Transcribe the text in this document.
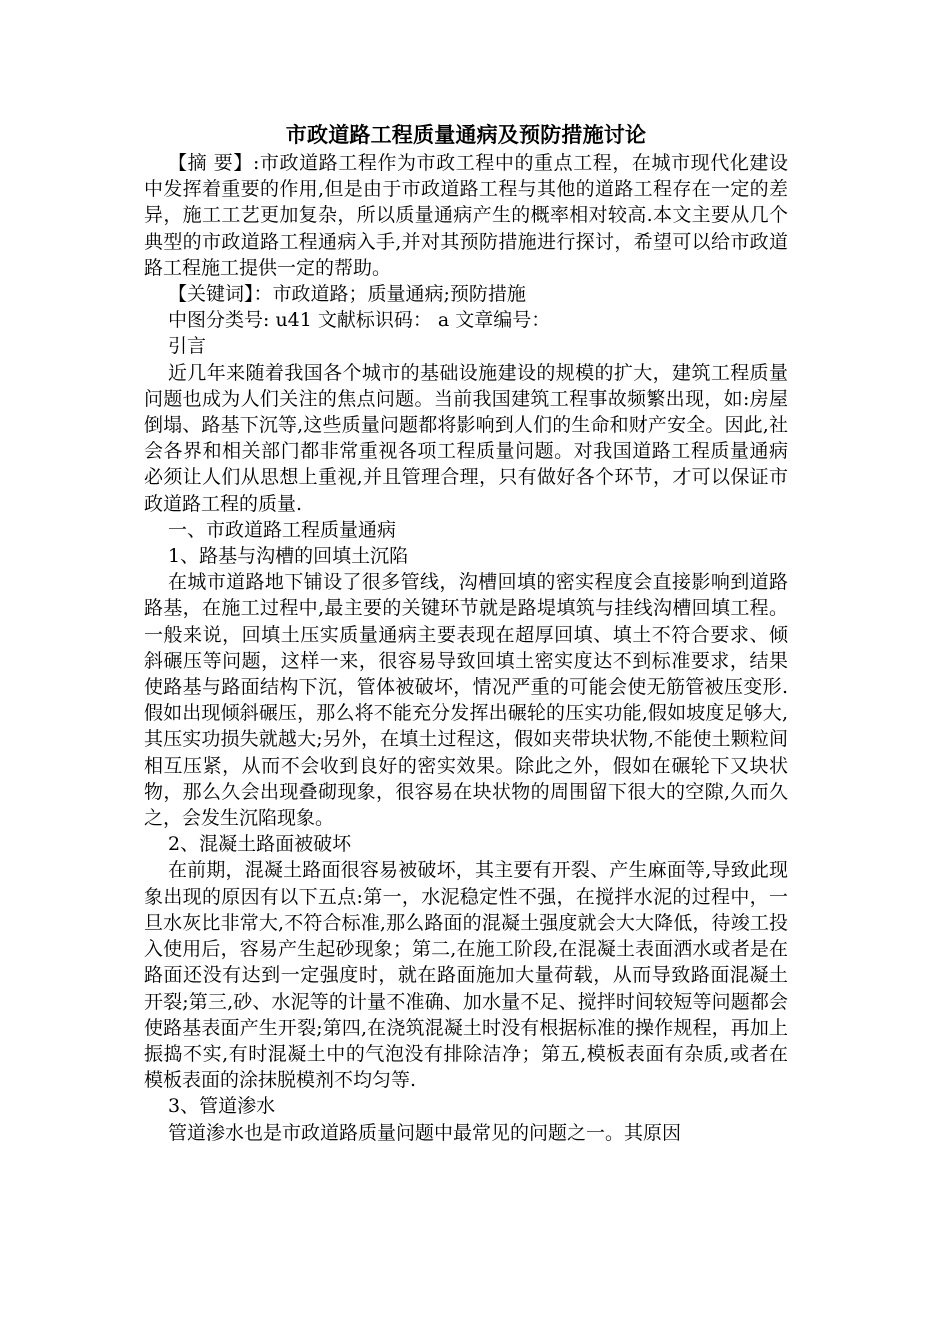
市政道路工程质量通病及预防措施讨论

【摘 要】:市政道路工程作为市政工程中的重点工程，在城市现代化建设中发挥着重要的作用,但是由于市政道路工程与其他的道路工程存在一定的差异，施工工艺更加复杂，所以质量通病产生的概率相对较高.本文主要从几个典型的市政道路工程通病入手,并对其预防措施进行探讨，希望可以给市政道路工程施工提供一定的帮助。

【关键词】：市政道路；质量通病;预防措施

中图分类号: u41 文献标识码： a 文章编号：

引言

近几年来随着我国各个城市的基础设施建设的规模的扩大，建筑工程质量问题也成为人们关注的焦点问题。当前我国建筑工程事故频繁出现，如:房屋倒塌、路基下沉等,这些质量问题都将影响到人们的生命和财产安全。因此,社会各界和相关部门都非常重视各项工程质量问题。对我国道路工程质量通病必须让人们从思想上重视,并且管理合理，只有做好各个环节，才可以保证市政道路工程的质量.

一、市政道路工程质量通病

1、路基与沟槽的回填土沉陷

在城市道路地下铺设了很多管线，沟槽回填的密实程度会直接影响到道路路基，在施工过程中,最主要的关键环节就是路堤填筑与挂线沟槽回填工程。一般来说，回填土压实质量通病主要表现在超厚回填、填土不符合要求、倾斜碾压等问题，这样一来，很容易导致回填土密实度达不到标准要求，结果使路基与路面结构下沉，管体被破坏，情况严重的可能会使无筋管被压变形.假如出现倾斜碾压，那么将不能充分发挥出碾轮的压实功能,假如坡度足够大,其压实功损失就越大;另外，在填土过程这，假如夹带块状物,不能使土颗粒间相互压紧，从而不会收到良好的密实效果。除此之外，假如在碾轮下又块状物，那么久会出现叠砌现象，很容易在块状物的周围留下很大的空隙,久而久之，会发生沉陷现象。

2、混凝土路面被破坏

在前期，混凝土路面很容易被破坏，其主要有开裂、产生麻面等,导致此现象出现的原因有以下五点:第一，水泥稳定性不强，在搅拌水泥的过程中，一旦水灰比非常大,不符合标准,那么路面的混凝土强度就会大大降低，待竣工投入使用后，容易产生起砂现象；第二,在施工阶段,在混凝土表面洒水或者是在路面还没有达到一定强度时，就在路面施加大量荷载，从而导致路面混凝土开裂;第三,砂、水泥等的计量不准确、加水量不足、搅拌时间较短等问题都会使路基表面产生开裂;第四,在浇筑混凝土时没有根据标准的操作规程，再加上振捣不实,有时混凝土中的气泡没有排除洁净；第五,模板表面有杂质,或者在模板表面的涂抹脱模剂不均匀等.

3、管道渗水

管道渗水也是市政道路质量问题中最常见的问题之一。其原因
